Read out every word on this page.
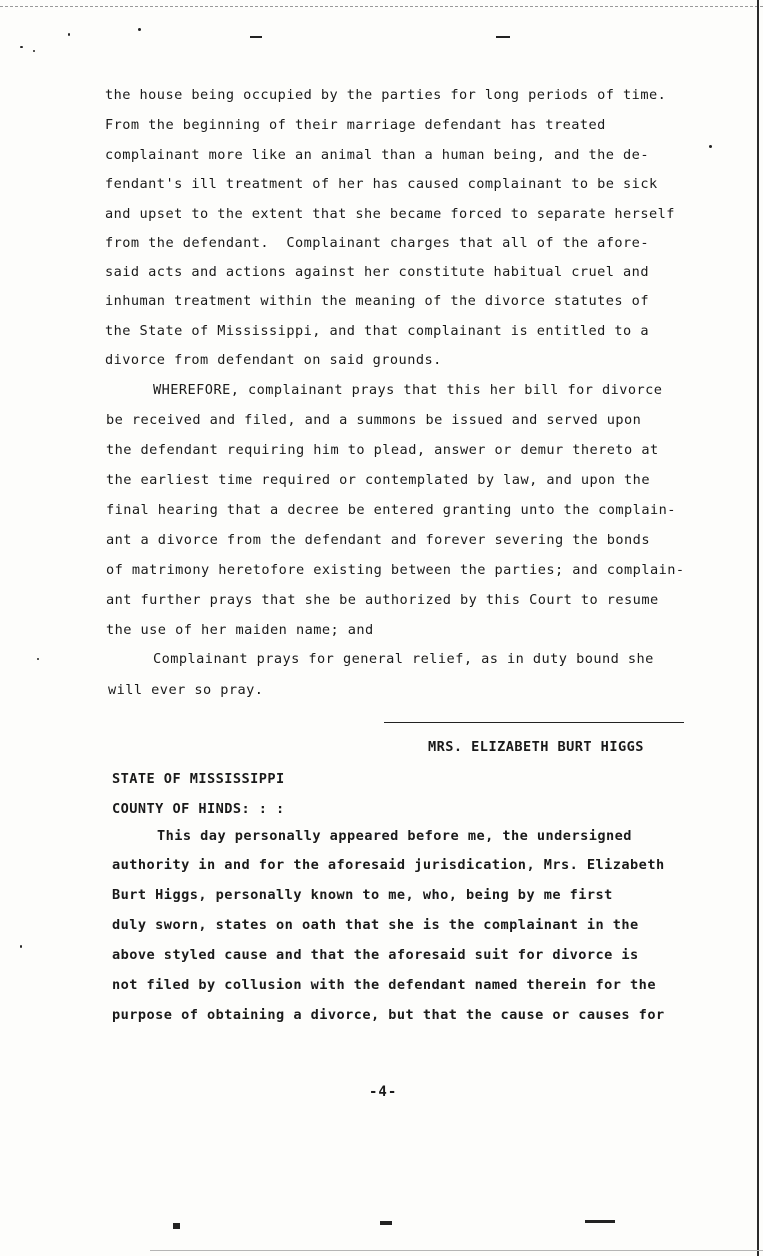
the house being occupied by the parties for long periods of time.

From the beginning of their marriage defendant has treated

complainant more like an animal than a human being, and the de-

fendant's ill treatment of her has caused complainant to be sick

and upset to the extent that she became forced to separate herself

from the defendant.  Complainant charges that all of the afore-

said acts and actions against her constitute habitual cruel and

inhuman treatment within the meaning of the divorce statutes of

the State of Mississippi, and that complainant is entitled to a

divorce from defendant on said grounds.

WHEREFORE, complainant prays that this her bill for divorce

be received and filed, and a summons be issued and served upon

the defendant requiring him to plead, answer or demur thereto at

the earliest time required or contemplated by law, and upon the

final hearing that a decree be entered granting unto the complain-

ant a divorce from the defendant and forever severing the bonds

of matrimony heretofore existing between the parties; and complain-

ant further prays that she be authorized by this Court to resume

the use of her maiden name; and

Complainant prays for general relief, as in duty bound she

will ever so pray.

MRS. ELIZABETH BURT HIGGS

STATE OF MISSISSIPPI

COUNTY OF HINDS: : :

This day personally appeared before me, the undersigned

authority in and for the aforesaid jurisdication, Mrs. Elizabeth

Burt Higgs, personally known to me, who, being by me first

duly sworn, states on oath that she is the complainant in the

above styled cause and that the aforesaid suit for divorce is

not filed by collusion with the defendant named therein for the

purpose of obtaining a divorce, but that the cause or causes for

-4-
